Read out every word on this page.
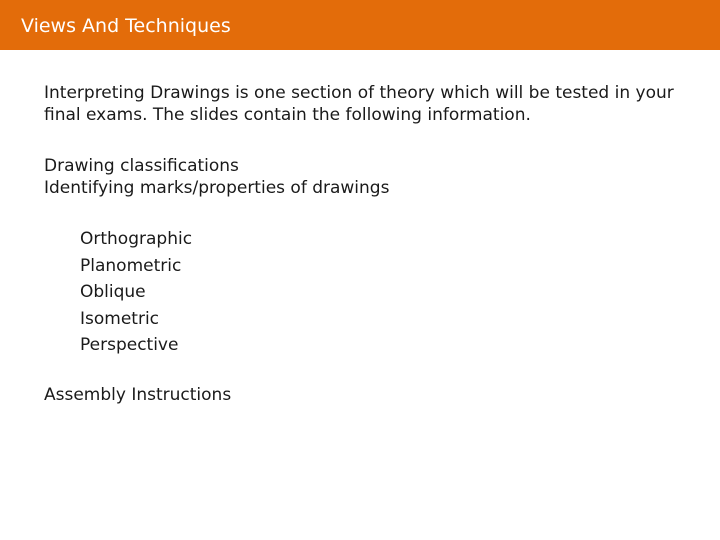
Views And Techniques

Interpreting Drawings is one section of theory which will be tested in your final exams. The slides contain the following information.

Drawing classifications
Identifying marks/properties of drawings
Orthographic
Planometric
Oblique
Isometric
Perspective
Assembly Instructions
